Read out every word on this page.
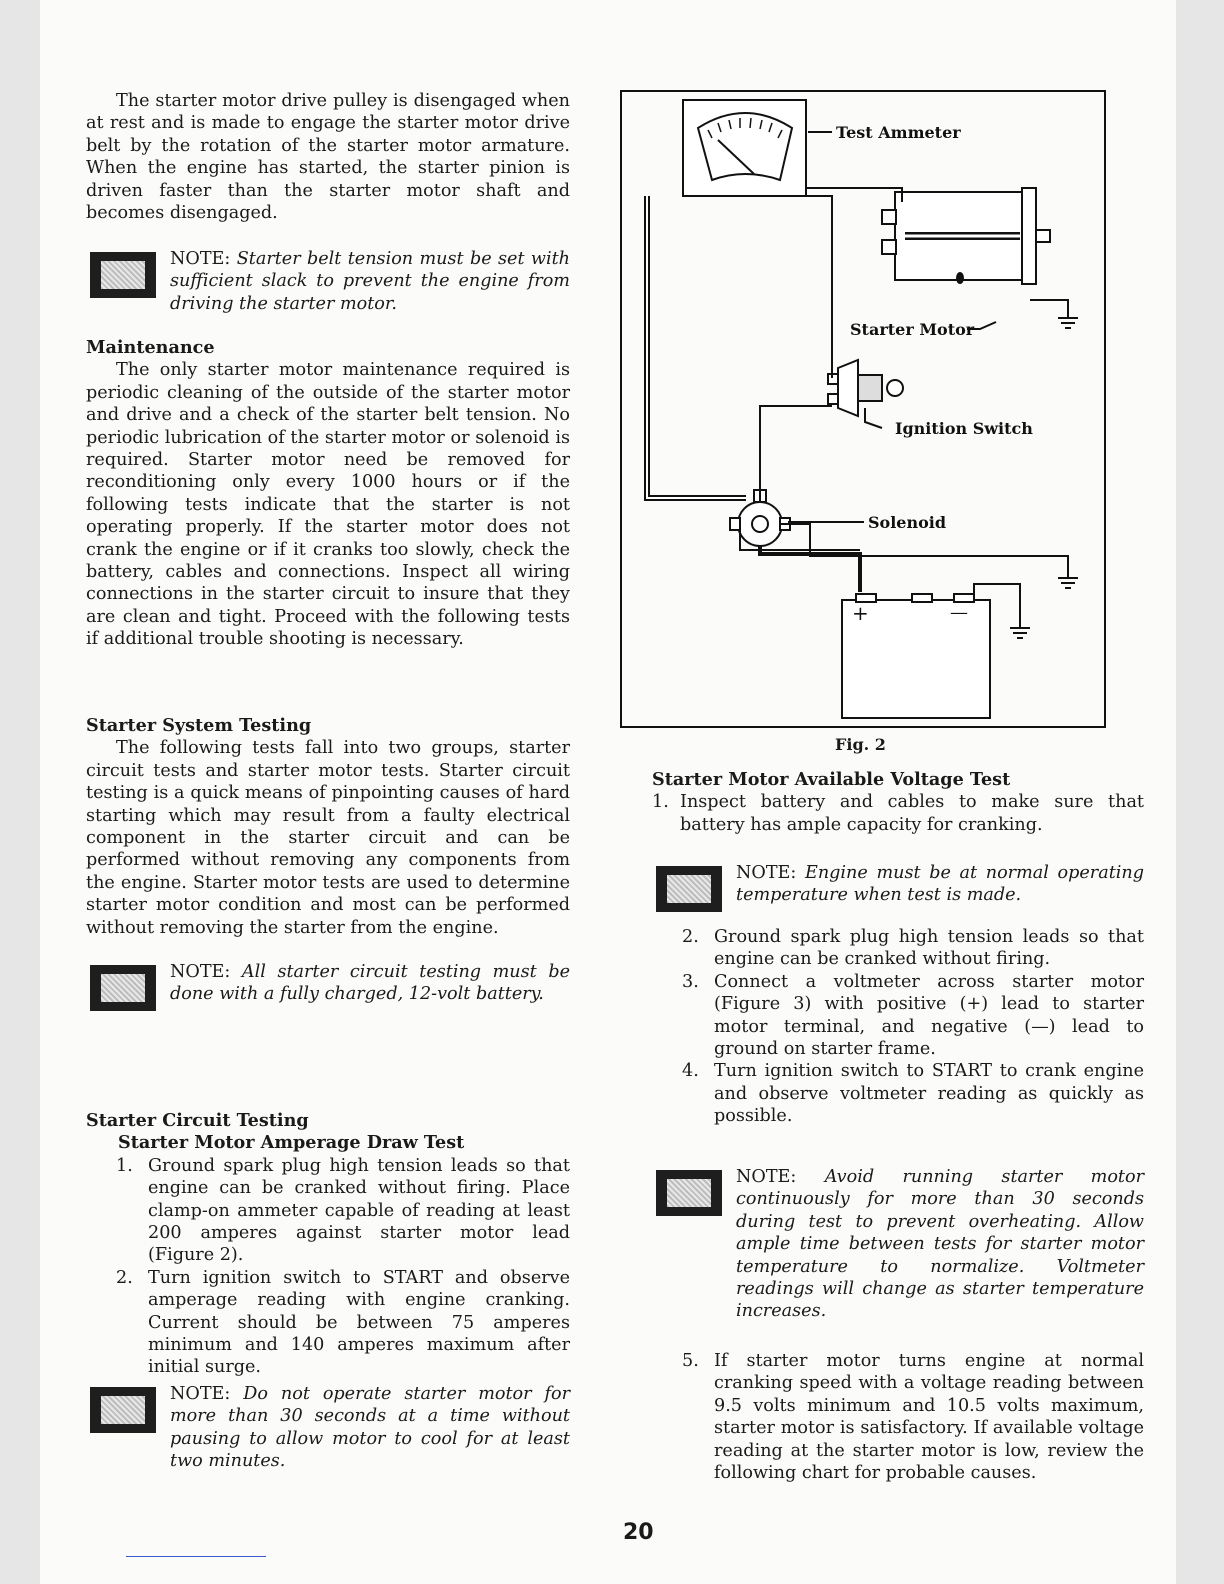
The starter motor drive pulley is disengaged when at rest and is made to engage the starter motor drive belt by the rotation of the starter motor armature. When the engine has started, the starter pinion is driven faster than the starter motor shaft and becomes disengaged.

NOTE: Starter belt tension must be set with sufficient slack to prevent the engine from driving the starter motor.

Maintenance

The only starter motor maintenance required is periodic cleaning of the outside of the starter motor and drive and a check of the starter belt tension. No periodic lubrication of the starter motor or solenoid is required. Starter motor need be removed for reconditioning only every 1000 hours or if the following tests indicate that the starter is not operating properly. If the starter motor does not crank the engine or if it cranks too slowly, check the battery, cables and connections. Inspect all wiring connections in the starter circuit to insure that they are clean and tight. Proceed with the following tests if additional trouble shooting is necessary.

Starter System Testing

The following tests fall into two groups, starter circuit tests and starter motor tests. Starter circuit testing is a quick means of pinpointing causes of hard starting which may result from a faulty electrical component in the starter circuit and can be performed without removing any components from the engine. Starter motor tests are used to determine starter motor condition and most can be performed without removing the starter from the engine.

NOTE: All starter circuit testing must be done with a fully charged, 12-volt battery.

Starter Circuit Testing

Starter Motor Amperage Draw Test

1. Ground spark plug high tension leads so that engine can be cranked without firing. Place clamp-on ammeter capable of reading at least 200 amperes against starter motor lead (Figure 2).
2. Turn ignition switch to START and observe amperage reading with engine cranking. Current should be between 75 amperes minimum and 140 amperes maximum after initial surge.

NOTE: Do not operate starter motor for more than 30 seconds at a time without pausing to allow motor to cool for at least two minutes.

Test Ammeter
Starter Motor
Ignition Switch
Solenoid
+	—
Fig. 2

Starter Motor Available Voltage Test

1. Inspect battery and cables to make sure that battery has ample capacity for cranking.

NOTE: Engine must be at normal operating temperature when test is made.

2. Ground spark plug high tension leads so that engine can be cranked without firing.
3. Connect a voltmeter across starter motor (Figure 3) with positive (+) lead to starter motor terminal, and negative (—) lead to ground on starter frame.
4. Turn ignition switch to START to crank engine and observe voltmeter reading as quickly as possible.

NOTE: Avoid running starter motor continuously for more than 30 seconds during test to prevent overheating. Allow ample time between tests for starter motor temperature to normalize. Voltmeter readings will change as starter temperature increases.

5. If starter motor turns engine at normal cranking speed with a voltage reading between 9.5 volts minimum and 10.5 volts maximum, starter motor is satisfactory. If available voltage reading at the starter motor is low, review the following chart for probable causes.
20
